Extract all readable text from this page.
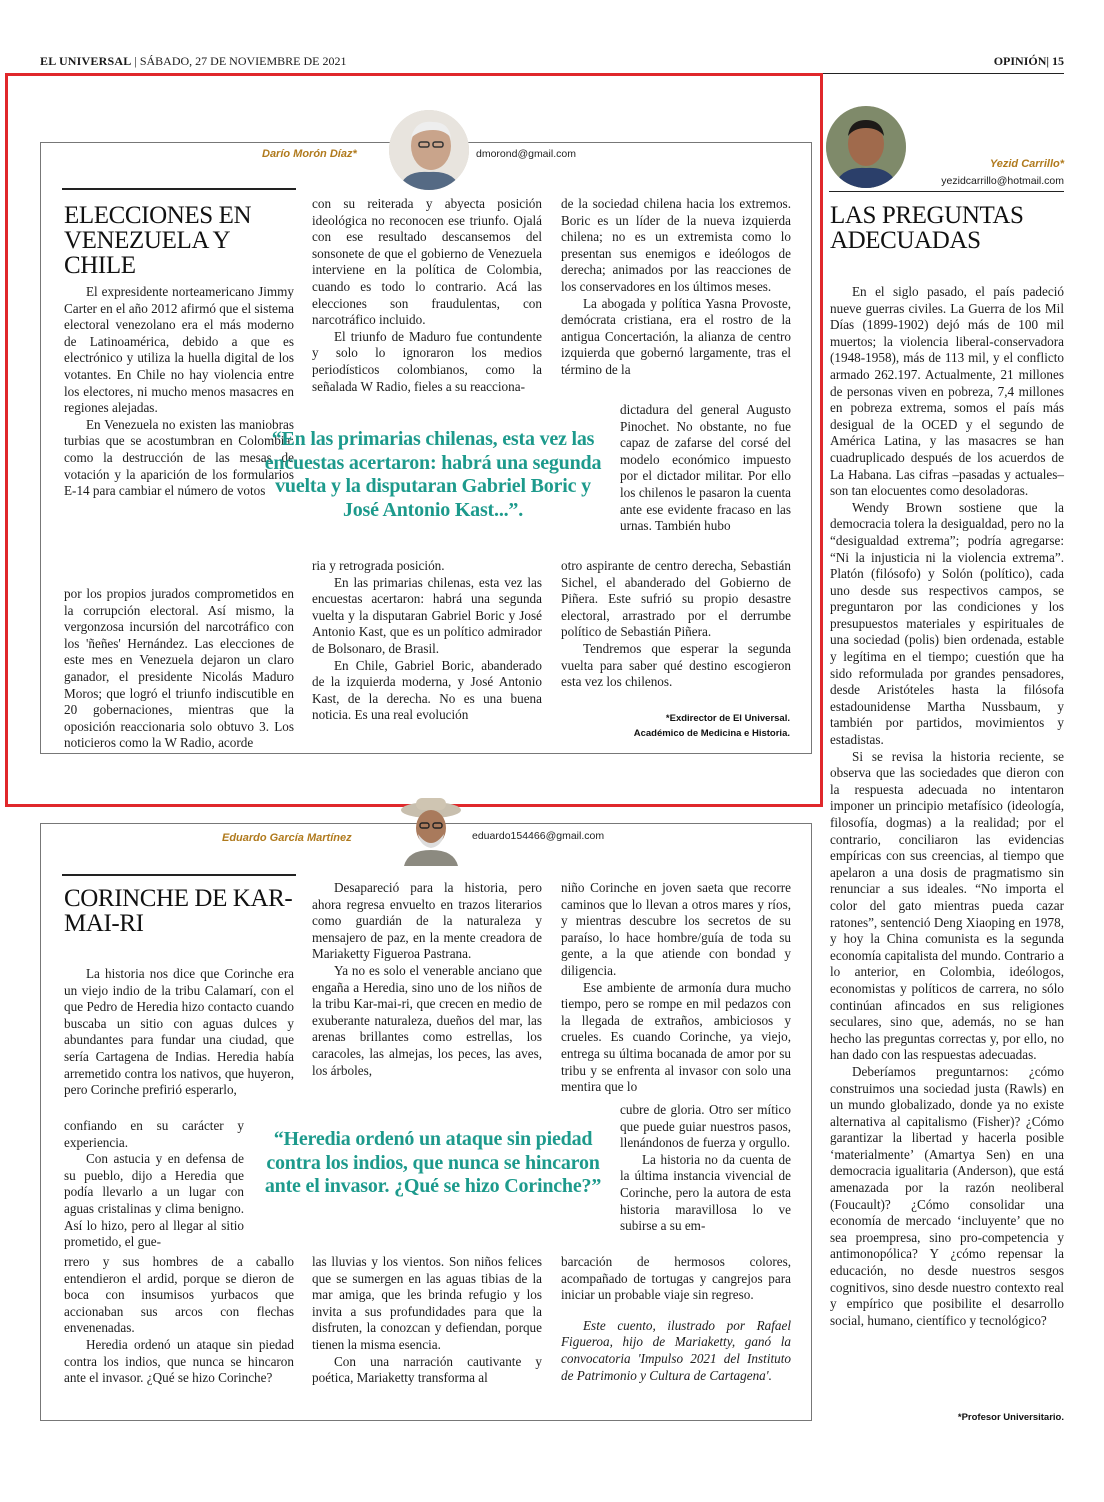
EL UNIVERSAL | SÁBADO, 27 DE NOVIEMBRE DE 2021	OPINIÓN| 15
Darío Morón Díaz*	dmorond@gmail.com
ELECCIONES EN VENEZUELA Y CHILE

El expresidente norteamericano Jimmy Carter en el año 2012 afirmó que el sistema electoral venezolano era el más moderno de Latinoamérica, debido a que es electrónico y utiliza la huella digital de los votantes. En Chile no hay violencia entre los electores, ni mucho menos masacres en regiones alejadas.

En Venezuela no existen las maniobras turbias que se acostumbran en Colombia: como la destrucción de las mesas de votación y la aparición de los formularios E-14 para cambiar el número de votos

por los propios jurados comprometidos en la corrupción electoral. Así mismo, la vergonzosa incursión del narcotráfico con los 'ñeñes' Hernández. Las elecciones de este mes en Venezuela dejaron un claro ganador, el presidente Nicolás Maduro Moros; que logró el triunfo indiscutible en 20 gobernaciones, mientras que la oposición reaccionaria solo obtuvo 3. Los noticieros como la W Radio, acorde

con su reiterada y abyecta posición ideológica no reconocen ese triunfo. Ojalá con ese resultado descansemos del sonsonete de que el gobierno de Venezuela interviene en la política de Colombia, cuando es todo lo contrario. Acá las elecciones son fraudulentas, con narcotráfico incluido.

El triunfo de Maduro fue contundente y solo lo ignoraron los medios periodísticos colombianos, como la señalada W Radio, fieles a su reacciona-

ria y retrograda posición.

En las primarias chilenas, esta vez las encuestas acertaron: habrá una segunda vuelta y la disputaran Gabriel Boric y José Antonio Kast, que es un político admirador de Bolsonaro, de Brasil.

En Chile, Gabriel Boric, abanderado de la izquierda moderna, y José Antonio Kast, de la derecha. No es una buena noticia. Es una real evolución

de la sociedad chilena hacia los extremos. Boric es un líder de la nueva izquierda chilena; no es un extremista como lo presentan sus enemigos e ideólogos de derecha; animados por las reacciones de los conservadores en los últimos meses.

La abogada y política Yasna Provoste, demócrata cristiana, era el rostro de la antigua Concertación, la alianza de centro izquierda que gobernó largamente, tras el término de la

dictadura del general Augusto Pinochet. No obstante, no fue capaz de zafarse del corsé del modelo económico impuesto por el dictador militar. Por ello los chilenos le pasaron la cuenta ante ese evidente fracaso en las urnas. También hubo

otro aspirante de centro derecha, Sebastián Sichel, el abanderado del Gobierno de Piñera. Este sufrió su propio desastre electoral, arrastrado por el derrumbe político de Sebastián Piñera.

Tendremos que esperar la segunda vuelta para saber qué destino escogieron esta vez los chilenos.

“En las primarias chilenas, esta vez las encuestas acertaron: habrá una segunda vuelta y la disputaran Gabriel Boric y José Antonio Kast...”.
*Exdirector de El Universal.
Académico de Medicina e Historia.
Eduardo García Martínez	eduardo154466@gmail.com
CORINCHE DE KAR-MAI-RI

La historia nos dice que Corinche era un viejo indio de la tribu Calamarí, con el que Pedro de Heredia hizo contacto cuando buscaba un sitio con aguas dulces y abundantes para fundar una ciudad, que sería Cartagena de Indias. Heredia había arremetido contra los nativos, que huyeron, pero Corinche prefirió esperarlo,

confiando en su carácter y experiencia.

Con astucia y en defensa de su pueblo, dijo a Heredia que podía llevarlo a un lugar con aguas cristalinas y clima benigno. Así lo hizo, pero al llegar al sitio prometido, el gue-

rrero y sus hombres de a caballo entendieron el ardid, porque se dieron de boca con insumisos yurbacos que accionaban sus arcos con flechas envenenadas.

Heredia ordenó un ataque sin piedad contra los indios, que nunca se hincaron ante el invasor. ¿Qué se hizo Corinche?

Desapareció para la historia, pero ahora regresa envuelto en trazos literarios como guardián de la naturaleza y mensajero de paz, en la mente creadora de Mariaketty Figueroa Pastrana.

Ya no es solo el venerable anciano que engaña a Heredia, sino uno de los niños de la tribu Kar-mai-ri, que crecen en medio de exuberante naturaleza, dueños del mar, las arenas brillantes como estrellas, los caracoles, las almejas, los peces, las aves, los árboles,

las lluvias y los vientos. Son niños felices que se sumergen en las aguas tibias de la mar amiga, que les brinda refugio y los invita a sus profundidades para que la disfruten, la conozcan y defiendan, porque tienen la misma esencia.

Con una narración cautivante y poética, Mariaketty transforma al

niño Corinche en joven saeta que recorre caminos que lo llevan a otros mares y ríos, y mientras descubre los secretos de su paraíso, lo hace hombre/guía de toda su gente, a la que atiende con bondad y diligencia.

Ese ambiente de armonía dura mucho tiempo, pero se rompe en mil pedazos con la llegada de extraños, ambiciosos y crueles. Es cuando Corinche, ya viejo, entrega su última bocanada de amor por su tribu y se enfrenta al invasor con solo una mentira que lo

cubre de gloria. Otro ser mítico que puede guiar nuestros pasos, llenándonos de fuerza y orgullo.

La historia no da cuenta de la última instancia vivencial de Corinche, pero la autora de esta historia maravillosa lo ve subirse a su em-

barcación de hermosos colores, acompañado de tortugas y cangrejos para iniciar un probable viaje sin regreso.

Este cuento, ilustrado por Rafael Figueroa, hijo de Mariaketty, ganó la convocatoria 'Impulso 2021 del Instituto de Patrimonio y Cultura de Cartagena'.

“Heredia ordenó un ataque sin piedad contra los indios, que nunca se hincaron ante el invasor. ¿Qué se hizo Corinche?”
Yezid Carrillo*
yezidcarrillo@hotmail.com
LAS PREGUNTAS ADECUADAS

En el siglo pasado, el país padeció nueve guerras civiles. La Guerra de los Mil Días (1899-1902) dejó más de 100 mil muertos; la violencia liberal-conservadora (1948-1958), más de 113 mil, y el conflicto armado 262.197. Actualmente, 21 millones de personas viven en pobreza, 7,4 millones en pobreza extrema, somos el país más desigual de la OCED y el segundo de América Latina, y las masacres se han cuadruplicado después de los acuerdos de La Habana. Las cifras –pasadas y actuales– son tan elocuentes como desoladoras.

Wendy Brown sostiene que la democracia tolera la desigualdad, pero no la “desigualdad extrema”; podría agregarse: “Ni la injusticia ni la violencia extrema”. Platón (filósofo) y Solón (político), cada uno desde sus respectivos campos, se preguntaron por las condiciones y los presupuestos materiales y espirituales de una sociedad (polis) bien ordenada, estable y legítima en el tiempo; cuestión que ha sido reformulada por grandes pensadores, desde Aristóteles hasta la filósofa estadounidense Martha Nussbaum, y también por partidos, movimientos y estadistas.

Si se revisa la historia reciente, se observa que las sociedades que dieron con la respuesta adecuada no intentaron imponer un principio metafísico (ideología, filosofía, dogmas) a la realidad; por el contrario, conciliaron las evidencias empíricas con sus creencias, al tiempo que apelaron a una dosis de pragmatismo sin renunciar a sus ideales. “No importa el color del gato mientras pueda cazar ratones”, sentenció Deng Xiaoping en 1978, y hoy la China comunista es la segunda economía capitalista del mundo. Contrario a lo anterior, en Colombia, ideólogos, economistas y políticos de carrera, no sólo continúan afincados en sus religiones seculares, sino que, además, no se han hecho las preguntas correctas y, por ello, no han dado con las respuestas adecuadas.

Deberíamos preguntarnos: ¿cómo construimos una sociedad justa (Rawls) en un mundo globalizado, donde ya no existe alternativa al capitalismo (Fisher)? ¿Cómo garantizar la libertad y hacerla posible ‘materialmente’ (Amartya Sen) en una democracia igualitaria (Anderson), que está amenazada por la razón neoliberal (Foucault)? ¿Cómo consolidar una economía de mercado ‘incluyente’ que no sea proempresa, sino pro-competencia y antimonopólica? Y ¿cómo repensar la educación, no desde nuestros sesgos cognitivos, sino desde nuestro contexto real y empírico que posibilite el desarrollo social, humano, científico y tecnológico?

*Profesor Universitario.
